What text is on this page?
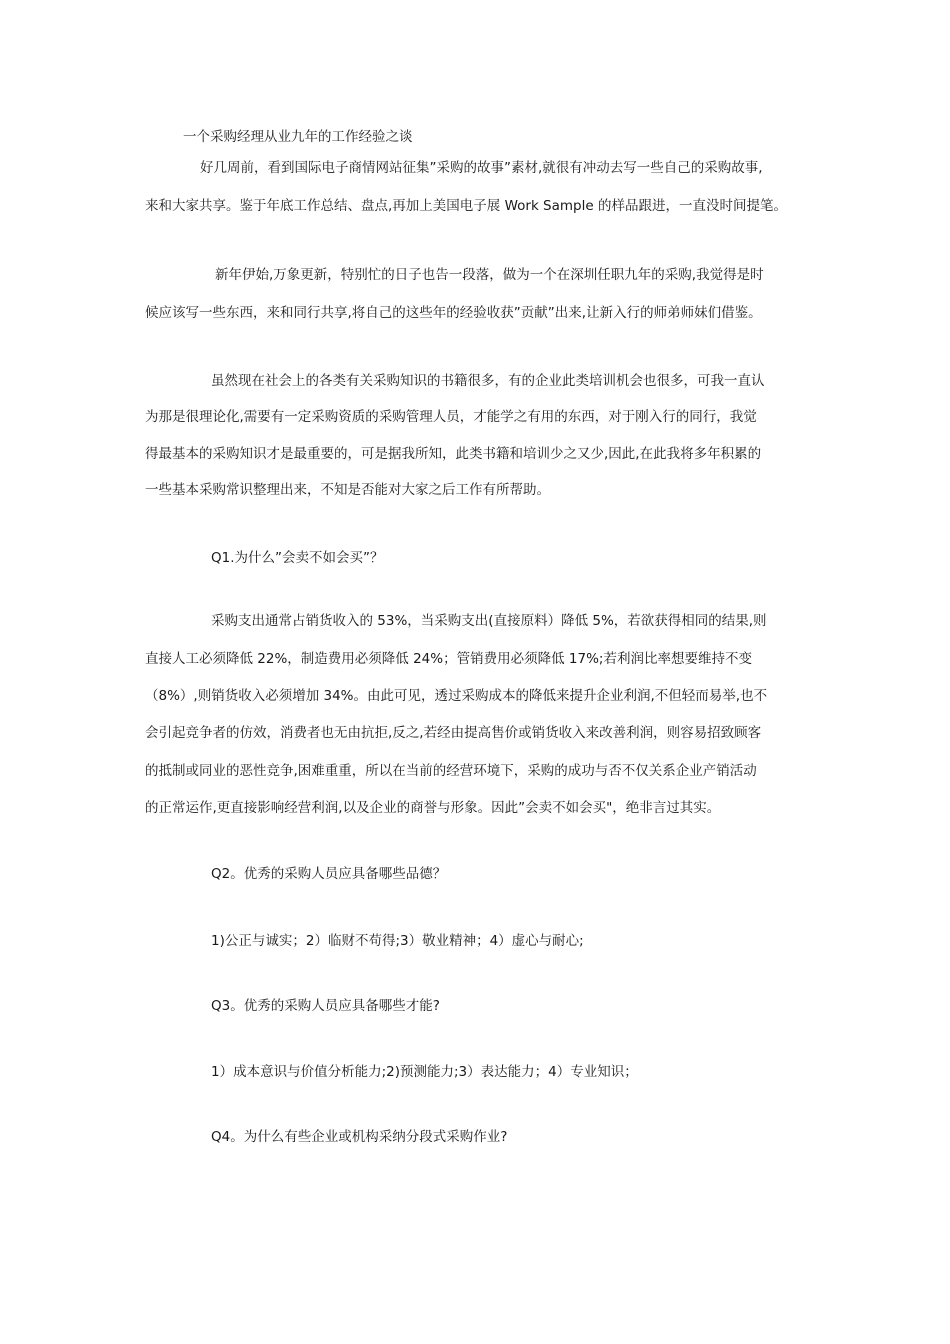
一个采购经理从业九年的工作经验之谈
好几周前，看到国际电子商情网站征集”采购的故事”素材,就很有冲动去写一些自己的采购故事,
来和大家共享。鉴于年底工作总结、盘点,再加上美国电子展 Work Sample 的样品跟进，一直没时间提笔。
新年伊始,万象更新，特别忙的日子也告一段落，做为一个在深圳任职九年的采购,我觉得是时
候应该写一些东西，来和同行共享,将自己的这些年的经验收获”贡献”出来,让新入行的师弟师妹们借鉴。
虽然现在社会上的各类有关采购知识的书籍很多，有的企业此类培训机会也很多，可我一直认
为那是很理论化,需要有一定采购资质的采购管理人员，才能学之有用的东西，对于刚入行的同行，我觉
得最基本的采购知识才是最重要的，可是据我所知，此类书籍和培训少之又少,因此,在此我将多年积累的
一些基本采购常识整理出来，不知是否能对大家之后工作有所帮助。
Q1.为什么”会卖不如会买”？
采购支出通常占销货收入的 53%，当采购支出(直接原料）降低 5%，若欲获得相同的结果,则
直接人工必须降低 22%，制造费用必须降低 24%；管销费用必须降低 17%;若利润比率想要维持不变
（8%）,则销货收入必须增加 34%。由此可见，透过采购成本的降低来提升企业利润,不但轻而易举,也不
会引起竞争者的仿效，消费者也无由抗拒,反之,若经由提高售价或销货收入来改善利润，则容易招致顾客
的抵制或同业的恶性竞争,困难重重，所以在当前的经营环境下，采购的成功与否不仅关系企业产销活动
的正常运作,更直接影响经营利润,以及企业的商誉与形象。因此”会卖不如会买"，绝非言过其实。
Q2。优秀的采购人员应具备哪些品德？
1)公正与诚实；2）临财不苟得;3）敬业精神；4）虚心与耐心;
Q3。优秀的采购人员应具备哪些才能?
1）成本意识与价值分析能力;2)预测能力;3）表达能力；4）专业知识；
Q4。为什么有些企业或机构采纳分段式采购作业?
